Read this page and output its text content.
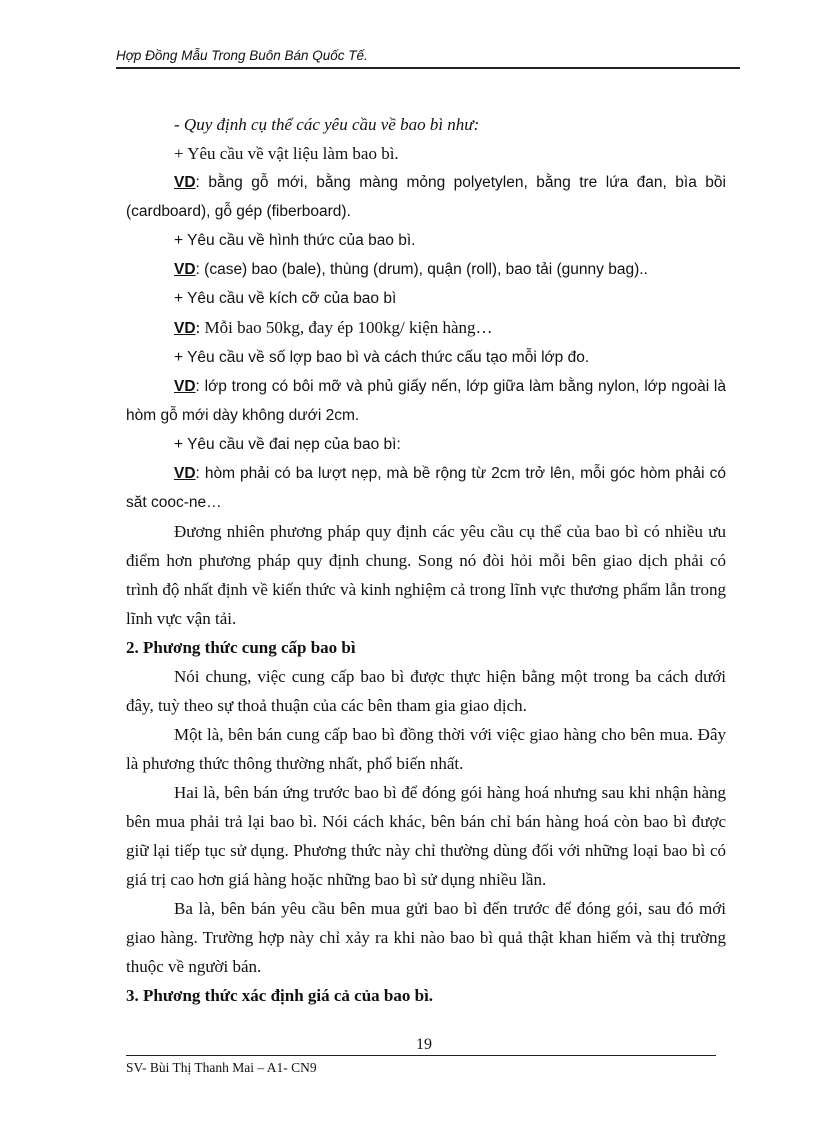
Hợp Đồng Mẫu Trong Buôn Bán Quốc Tế.

- Quy định cụ thể các yêu cầu về bao bì như:

+ Yêu cầu về vật liệu làm bao bì.

VD: bằng gỗ mới, bằng màng mỏng polyetylen, bằng tre lứa đan, bìa bồi (cardboard), gỗ gép (fiberboard).

+ Yêu cầu về hình thức của bao bì.

VD: (case) bao (bale), thùng (drum), quận (roll), bao tải (gunny bag)..

+ Yêu cầu về kích cỡ của bao bì

VD: Mỗi bao 50kg, đay ép 100kg/ kiện hàng…

+ Yêu cầu về số lợp bao bì và cách thức cấu tạo mỗi lớp đo.

VD: lớp trong có bôi mỡ và phủ giấy nến, lớp giữa làm bằng nylon, lớp ngoài là hòm gỗ mới dày không dưới 2cm.

+ Yêu cầu về đai nẹp của bao bì:

VD: hòm phải có ba lượt nẹp, mà bề rộng từ 2cm trở lên, mỗi góc hòm phải có săt cooc-ne…

Đương nhiên phương pháp quy định các yêu cầu cụ thể của bao bì có nhiều ưu điểm hơn phương pháp quy định chung. Song nó đòi hỏi mỗi bên giao dịch phải có trình độ nhất định về kiến thức và kinh nghiệm cả trong lĩnh vực thương phẩm lẫn trong lĩnh vực vận tải.

2. Phương thức cung cấp bao bì

Nói chung, việc cung cấp bao bì được thực hiện bằng một trong ba cách dưới đây, tuỳ theo sự thoả thuận của các bên tham gia giao dịch.

Một là, bên bán cung cấp bao bì đồng thời với việc giao hàng cho bên mua. Đây là phương thức thông thường nhất, phổ biến nhất.

Hai là, bên bán ứng trước bao bì để đóng gói hàng hoá nhưng sau khi nhận hàng bên mua phải trả lại bao bì. Nói cách khác, bên bán chỉ bán hàng hoá còn bao bì được giữ lại tiếp tục sử dụng. Phương thức này chỉ thường dùng đối với những loại bao bì có giá trị cao hơn giá hàng hoặc những bao bì sử dụng nhiều lần.

Ba là, bên bán yêu cầu bên mua gửi bao bì đến trước để đóng gói, sau đó mới giao hàng. Trường hợp này chỉ xảy ra khi nào bao bì quả thật khan hiếm và thị trường thuộc về người bán.

3. Phương thức xác định giá cả của bao bì.
19
SV- Bùi Thị Thanh Mai – A1- CN9
